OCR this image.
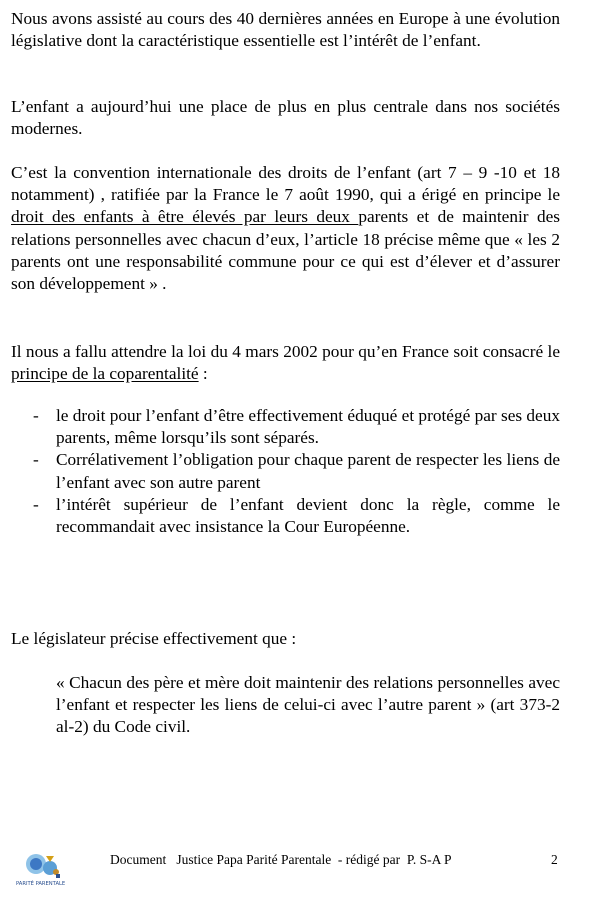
Nous avons assisté au cours des 40 dernières années en Europe à une évolution législative dont la caractéristique essentielle est l’intérêt de l’enfant.

L’enfant a aujourd’hui une place de plus en plus centrale dans nos sociétés modernes.

C’est la convention internationale des droits de l’enfant (art 7 – 9 -10 et 18 notamment) , ratifiée par la France le 7 août 1990, qui a érigé en principe le droit des enfants à être élevés par leurs deux parents et de maintenir des relations personnelles avec chacun d’eux, l’article 18 précise même que « les 2 parents ont une responsabilité commune pour ce qui est d’élever et d’assurer son développement » .

Il nous a fallu attendre la loi du 4 mars 2002 pour qu’en France soit consacré le principe de la coparentalité :

- le droit pour l’enfant d’être effectivement éduqué et protégé par ses deux parents, même lorsqu’ils sont séparés.
- Corrélativement l’obligation pour chaque parent de respecter les liens de l’enfant avec son autre parent
- l’intérêt supérieur de l’enfant devient donc la règle, comme le recommandait avec insistance la Cour Européenne.

Le législateur précise effectivement que :

« Chacun des père et mère doit maintenir des relations personnelles avec l’enfant et respecter les liens de celui-ci avec l’autre parent » (art 373-2 al-2) du Code civil.

PARITÉ PARENTALE
Document   Justice Papa Parité Parentale  - rédigé par  P. S-A P	2
